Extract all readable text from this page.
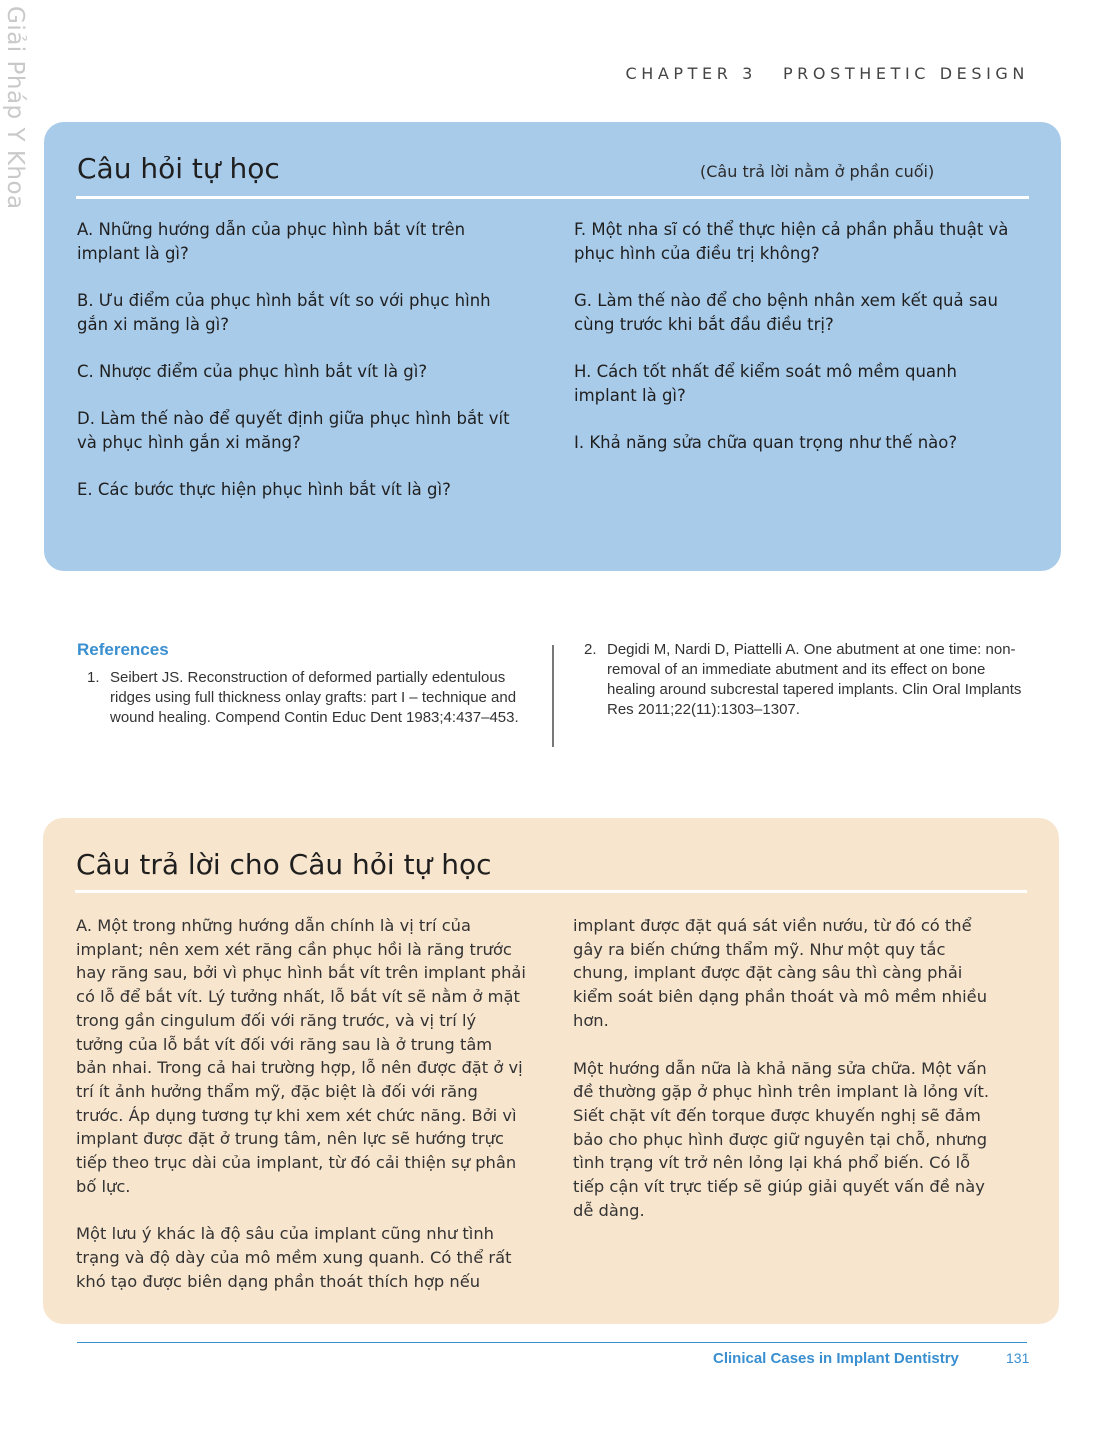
Giải Pháp Y Khoa	CHAPTER 3 PROSTHETIC DESIGN
Câu hỏi tự học	(Câu trả lời nằm ở phần cuối)

A. Những hướng dẫn của phục hình bắt vít trên implant là gì?

B. Ưu điểm của phục hình bắt vít so với phục hình gắn xi măng là gì?

C. Nhược điểm của phục hình bắt vít là gì?

D. Làm thế nào để quyết định giữa phục hình bắt vít và phục hình gắn xi măng?

E. Các bước thực hiện phục hình bắt vít là gì?

F. Một nha sĩ có thể thực hiện cả phần phẫu thuật và phục hình của điều trị không?

G. Làm thế nào để cho bệnh nhân xem kết quả sau cùng trước khi bắt đầu điều trị?

H. Cách tốt nhất để kiểm soát mô mềm quanh implant là gì?

I. Khả năng sửa chữa quan trọng như thế nào?

References
1. Seibert JS. Reconstruction of deformed partially edentulous ridges using full thickness onlay grafts: part I – technique and wound healing. Compend Contin Educ Dent 1983;4:437–453.
2. Degidi M, Nardi D, Piattelli A. One abutment at one time: non-removal of an immediate abutment and its effect on bone healing around subcrestal tapered implants. Clin Oral Implants Res 2011;22(11):1303–1307.
Câu trả lời cho Câu hỏi tự học

A. Một trong những hướng dẫn chính là vị trí của implant; nên xem xét răng cần phục hồi là răng trước hay răng sau, bởi vì phục hình bắt vít trên implant phải có lỗ để bắt vít. Lý tưởng nhất, lỗ bắt vít sẽ nằm ở mặt trong gần cingulum đối với răng trước, và vị trí lý tưởng của lỗ bắt vít đối với răng sau là ở trung tâm bản nhai. Trong cả hai trường hợp, lỗ nên được đặt ở vị trí ít ảnh hưởng thẩm mỹ, đặc biệt là đối với răng trước. Áp dụng tương tự khi xem xét chức năng. Bởi vì implant được đặt ở trung tâm, nên lực sẽ hướng trực tiếp theo trục dài của implant, từ đó cải thiện sự phân bố lực.

Một lưu ý khác là độ sâu của implant cũng như tình trạng và độ dày của mô mềm xung quanh. Có thể rất khó tạo được biên dạng phần thoát thích hợp nếu

implant được đặt quá sát viền nướu, từ đó có thể gây ra biến chứng thẩm mỹ. Như một quy tắc chung, implant được đặt càng sâu thì càng phải kiểm soát biên dạng phần thoát và mô mềm nhiều hơn.

Một hướng dẫn nữa là khả năng sửa chữa. Một vấn đề thường gặp ở phục hình trên implant là lỏng vít. Siết chặt vít đến torque được khuyến nghị sẽ đảm bảo cho phục hình được giữ nguyên tại chỗ, nhưng tình trạng vít trở nên lỏng lại khá phổ biến. Có lỗ tiếp cận vít trực tiếp sẽ giúp giải quyết vấn đề này dễ dàng.

Clinical Cases in Implant Dentistry	131
